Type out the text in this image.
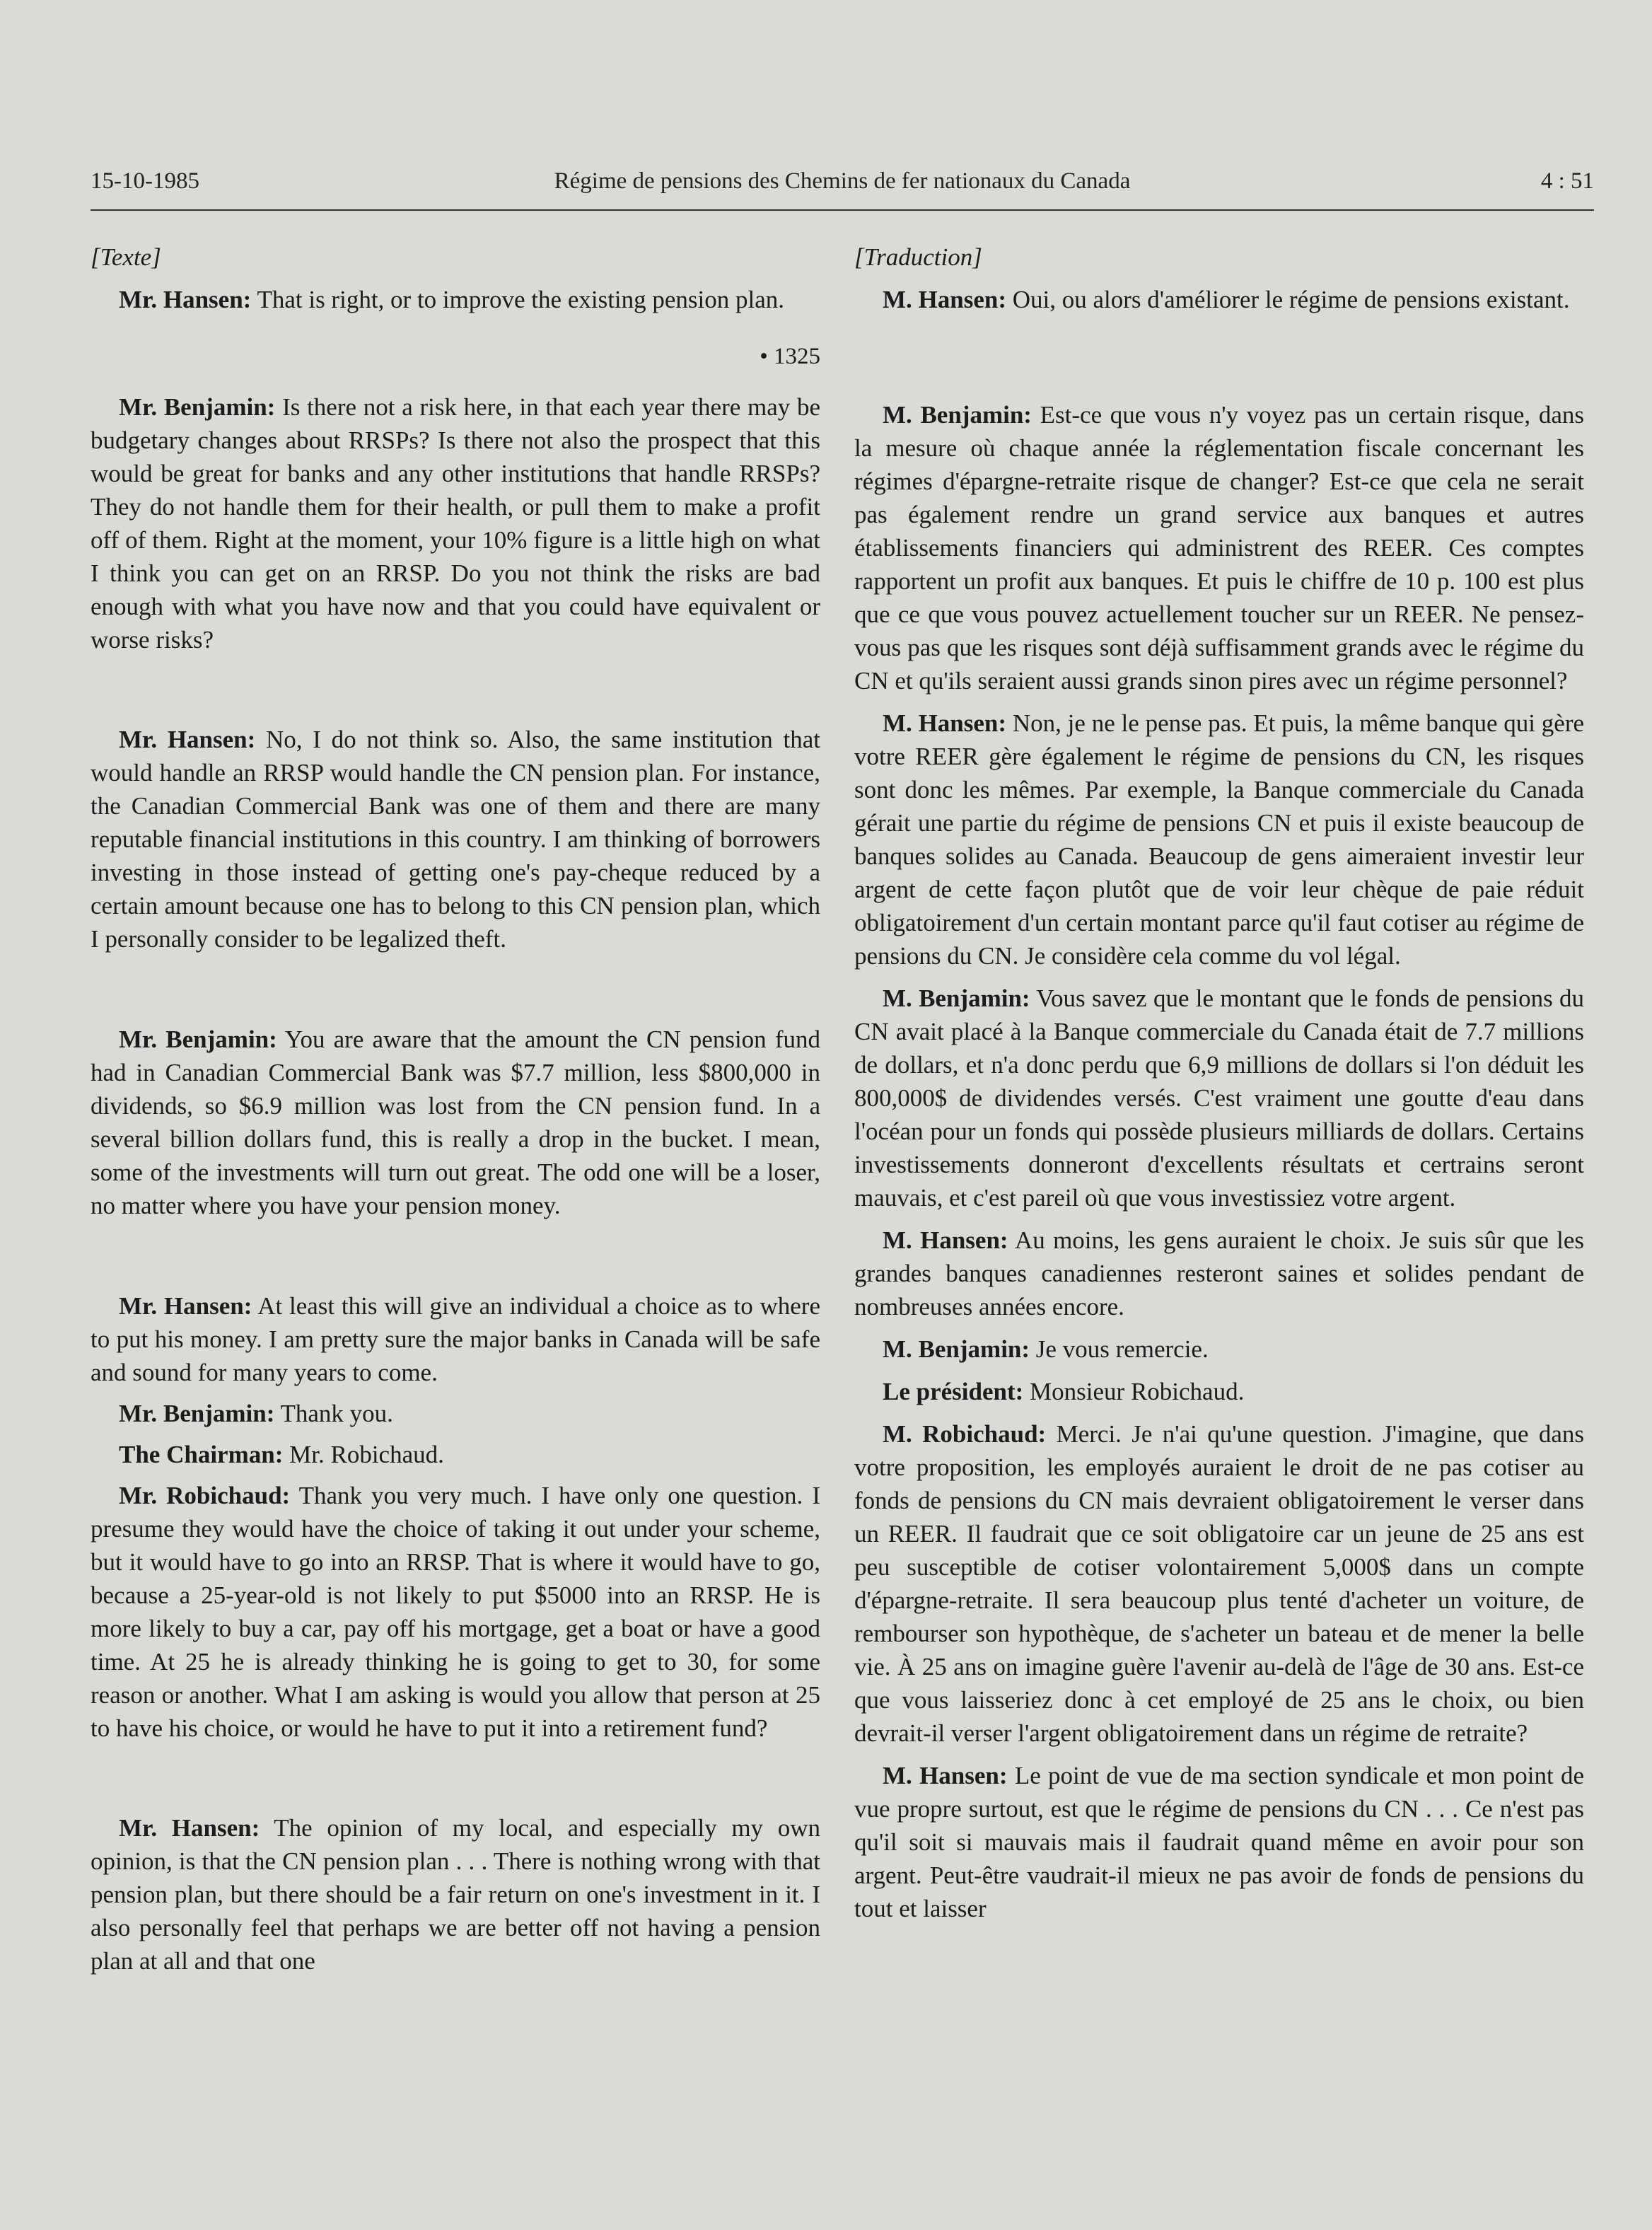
15-10-1985	Régime de pensions des Chemins de fer nationaux du Canada	4 : 51
[Texte]

Mr. Hansen: That is right, or to improve the existing pension plan.

• 1325

Mr. Benjamin: Is there not a risk here, in that each year there may be budgetary changes about RRSPs? Is there not also the prospect that this would be great for banks and any other institutions that handle RRSPs? They do not handle them for their health, or pull them to make a profit off of them. Right at the moment, your 10% figure is a little high on what I think you can get on an RRSP. Do you not think the risks are bad enough with what you have now and that you could have equivalent or worse risks?

Mr. Hansen: No, I do not think so. Also, the same institution that would handle an RRSP would handle the CN pension plan. For instance, the Canadian Commercial Bank was one of them and there are many reputable financial institutions in this country. I am thinking of borrowers investing in those instead of getting one's pay-cheque reduced by a certain amount because one has to belong to this CN pension plan, which I personally consider to be legalized theft.

Mr. Benjamin: You are aware that the amount the CN pension fund had in Canadian Commercial Bank was $7.7 million, less $800,000 in dividends, so $6.9 million was lost from the CN pension fund. In a several billion dollars fund, this is really a drop in the bucket. I mean, some of the investments will turn out great. The odd one will be a loser, no matter where you have your pension money.

Mr. Hansen: At least this will give an individual a choice as to where to put his money. I am pretty sure the major banks in Canada will be safe and sound for many years to come.

Mr. Benjamin: Thank you.

The Chairman: Mr. Robichaud.

Mr. Robichaud: Thank you very much. I have only one question. I presume they would have the choice of taking it out under your scheme, but it would have to go into an RRSP. That is where it would have to go, because a 25-year-old is not likely to put $5000 into an RRSP. He is more likely to buy a car, pay off his mortgage, get a boat or have a good time. At 25 he is already thinking he is going to get to 30, for some reason or another. What I am asking is would you allow that person at 25 to have his choice, or would he have to put it into a retirement fund?

Mr. Hansen: The opinion of my local, and especially my own opinion, is that the CN pension plan . . . There is nothing wrong with that pension plan, but there should be a fair return on one's investment in it. I also personally feel that perhaps we are better off not having a pension plan at all and that one

[Traduction]

M. Hansen: Oui, ou alors d'améliorer le régime de pensions existant.

M. Benjamin: Est-ce que vous n'y voyez pas un certain risque, dans la mesure où chaque année la réglementation fiscale concernant les régimes d'épargne-retraite risque de changer? Est-ce que cela ne serait pas également rendre un grand service aux banques et autres établissements financiers qui administrent des REER. Ces comptes rapportent un profit aux banques. Et puis le chiffre de 10 p. 100 est plus que ce que vous pouvez actuellement toucher sur un REER. Ne pensez-vous pas que les risques sont déjà suffisamment grands avec le régime du CN et qu'ils seraient aussi grands sinon pires avec un régime personnel?

M. Hansen: Non, je ne le pense pas. Et puis, la même banque qui gère votre REER gère également le régime de pensions du CN, les risques sont donc les mêmes. Par exemple, la Banque commerciale du Canada gérait une partie du régime de pensions CN et puis il existe beaucoup de banques solides au Canada. Beaucoup de gens aimeraient investir leur argent de cette façon plutôt que de voir leur chèque de paie réduit obligatoirement d'un certain montant parce qu'il faut cotiser au régime de pensions du CN. Je considère cela comme du vol légal.

M. Benjamin: Vous savez que le montant que le fonds de pensions du CN avait placé à la Banque commerciale du Canada était de 7.7 millions de dollars, et n'a donc perdu que 6,9 millions de dollars si l'on déduit les 800,000$ de dividendes versés. C'est vraiment une goutte d'eau dans l'océan pour un fonds qui possède plusieurs milliards de dollars. Certains investissements donneront d'excellents résultats et certrains seront mauvais, et c'est pareil où que vous investissiez votre argent.

M. Hansen: Au moins, les gens auraient le choix. Je suis sûr que les grandes banques canadiennes resteront saines et solides pendant de nombreuses années encore.

M. Benjamin: Je vous remercie.

Le président: Monsieur Robichaud.

M. Robichaud: Merci. Je n'ai qu'une question. J'imagine, que dans votre proposition, les employés auraient le droit de ne pas cotiser au fonds de pensions du CN mais devraient obligatoirement le verser dans un REER. Il faudrait que ce soit obligatoire car un jeune de 25 ans est peu susceptible de cotiser volontairement 5,000$ dans un compte d'épargne-retraite. Il sera beaucoup plus tenté d'acheter un voiture, de rembourser son hypothèque, de s'acheter un bateau et de mener la belle vie. À 25 ans on imagine guère l'avenir au-delà de l'âge de 30 ans. Est-ce que vous laisseriez donc à cet employé de 25 ans le choix, ou bien devrait-il verser l'argent obligatoirement dans un régime de retraite?

M. Hansen: Le point de vue de ma section syndicale et mon point de vue propre surtout, est que le régime de pensions du CN . . . Ce n'est pas qu'il soit si mauvais mais il faudrait quand même en avoir pour son argent. Peut-être vaudrait-il mieux ne pas avoir de fonds de pensions du tout et laisser
